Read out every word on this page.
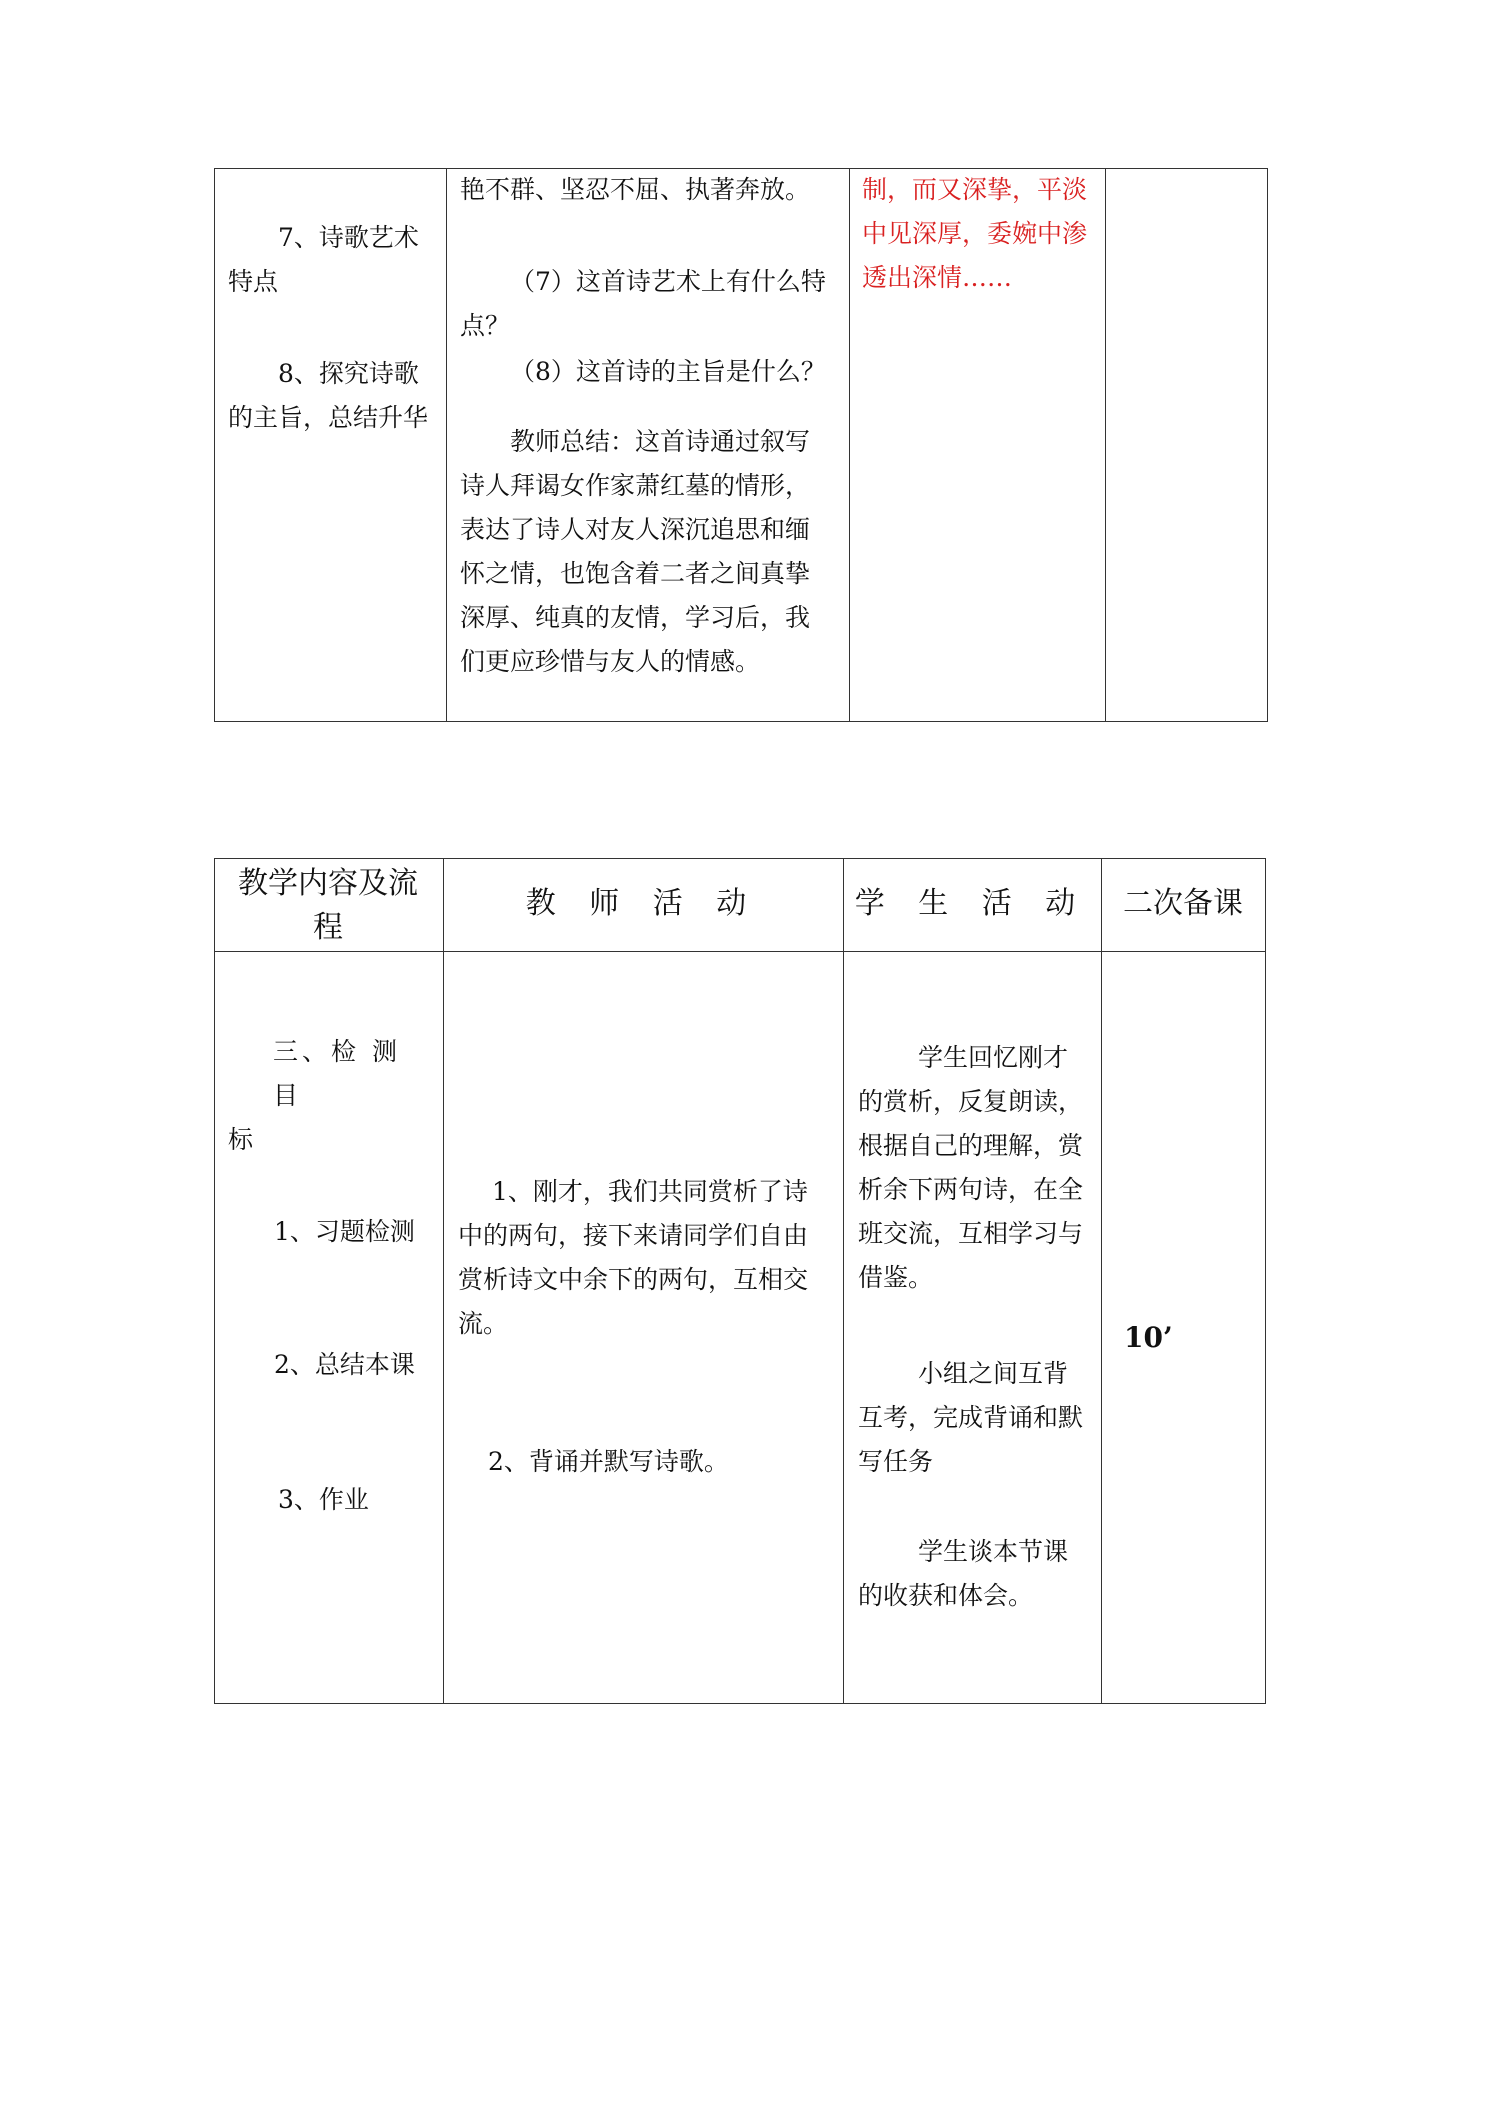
7、诗歌艺术
特点
8、探究诗歌
的主旨，总结升华
艳不群、坚忍不屈、执著奔放。
（7）这首诗艺术上有什么特
点？
（8）这首诗的主旨是什么？
教师总结：这首诗通过叙写
诗人拜谒女作家萧红墓的情形，
表达了诗人对友人深沉追思和缅
怀之情，也饱含着二者之间真挚
深厚、纯真的友情，学习后，我
们更应珍惜与友人的情感。
制，而又深挚，平淡
中见深厚，委婉中渗
透出深情……
教学内容及流
程
教 师 活 动	学 生 活 动	二次备课
三、检 测 目
标
1、习题检测
2、总结本课
3、作业
1、刚才，我们共同赏析了诗
中的两句，接下来请同学们自由
赏析诗文中余下的两句，互相交
流。
2、背诵并默写诗歌。
学生回忆刚才
的赏析，反复朗读，
根据自己的理解，赏
析余下两句诗，在全
班交流，互相学习与
借鉴。
小组之间互背
互考，完成背诵和默
写任务
学生谈本节课
的收获和体会。
10’
